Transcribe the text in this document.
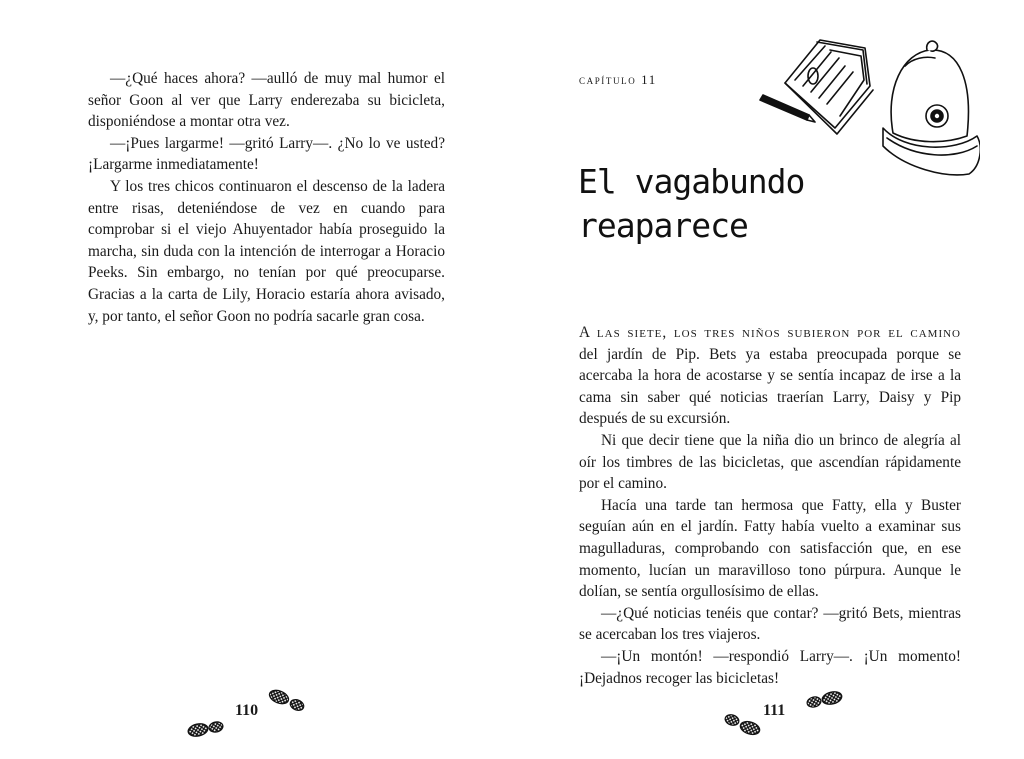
—¿Qué haces ahora? —aulló de muy mal humor el señor Goon al ver que Larry enderezaba su bicicleta, disponiéndose a montar otra vez.

—¡Pues largarme! —gritó Larry—. ¿No lo ve usted? ¡Largarme inmediatamente!

Y los tres chicos continuaron el descenso de la ladera entre risas, deteniéndose de vez en cuando para comprobar si el viejo Ahuyentador había proseguido la marcha, sin duda con la intención de interrogar a Horacio Peeks. Sin embargo, no tenían por qué preocuparse. Gracias a la carta de Lily, Horacio estaría ahora avisado, y, por tanto, el señor Goon no podría sacarle gran cosa.

110
capítulo 11
El vagabundo
reaparece

A las siete, los tres niños subieron por el camino del jardín de Pip. Bets ya estaba preocupada porque se acercaba la hora de acostarse y se sentía incapaz de irse a la cama sin saber qué noticias traerían Larry, Daisy y Pip después de su excursión.

Ni que decir tiene que la niña dio un brinco de alegría al oír los timbres de las bicicletas, que ascendían rápidamente por el camino.

Hacía una tarde tan hermosa que Fatty, ella y Buster seguían aún en el jardín. Fatty había vuelto a examinar sus magulladuras, comprobando con satisfacción que, en ese momento, lucían un maravilloso tono púrpura. Aunque le dolían, se sentía orgullosísimo de ellas.

—¿Qué noticias tenéis que contar? —gritó Bets, mientras se acercaban los tres viajeros.

—¡Un montón! —respondió Larry—. ¡Un momento! ¡Dejadnos recoger las bicicletas!

111
